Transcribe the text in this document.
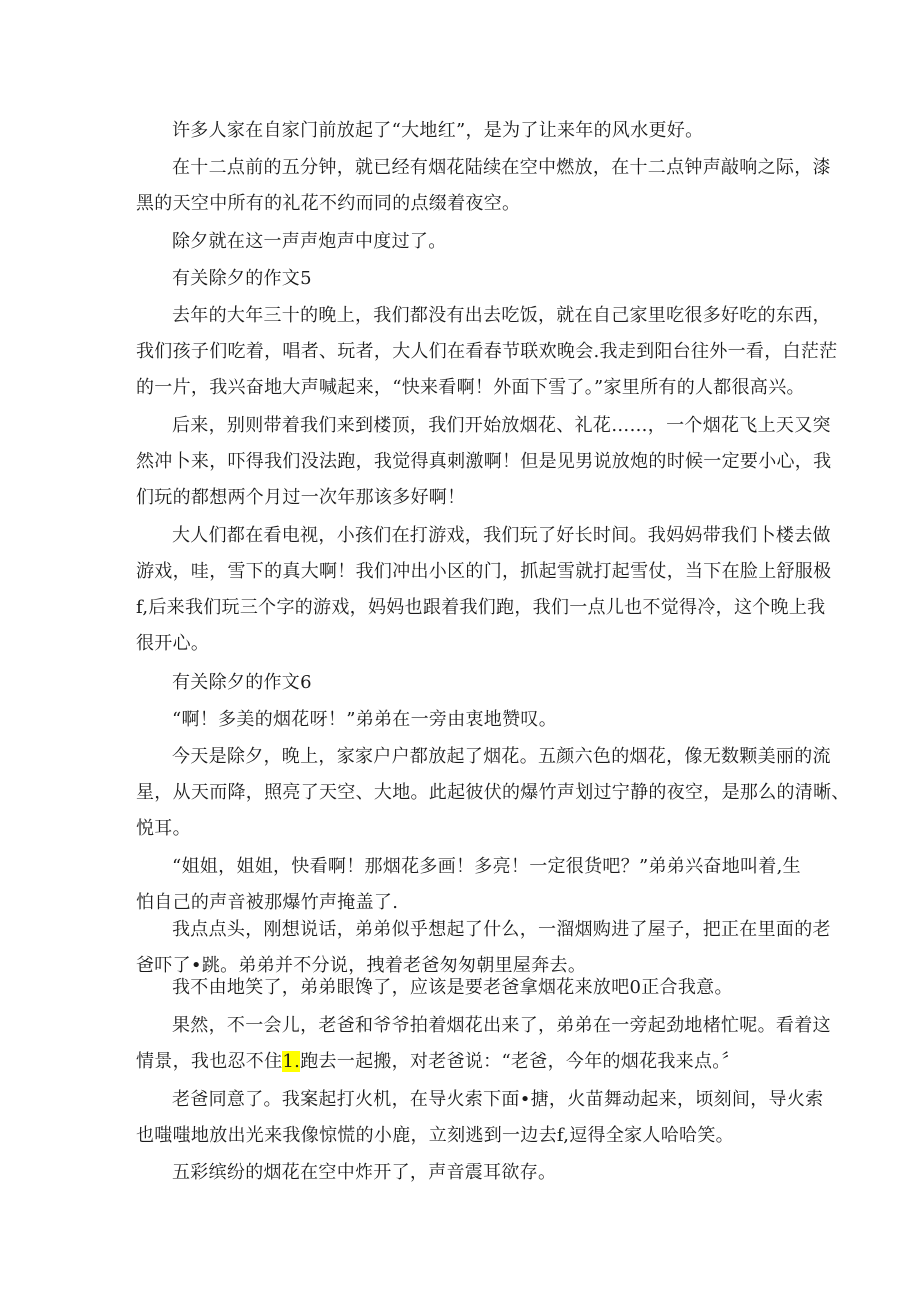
许多人家在自家门前放起了“大地红”，是为了让来年的风水更好。

在十二点前的五分钟，就已经有烟花陆续在空中燃放，在十二点钟声敲响之际，漆
黑的天空中所有的礼花不约而同的点缀着夜空。

除夕就在这一声声炮声中度过了。

有关除夕的作文5

去年的大年三十的晚上，我们都没有出去吃饭，就在自己家里吃很多好吃的东西，
我们孩子们吃着，唱者、玩者，大人们在看春节联欢晚会.我走到阳台往外一看，白茫茫
的一片，我兴奋地大声喊起来，“快来看啊！外面下雪了。”家里所有的人都很高兴。

后来，别则带着我们来到楼顶，我们开始放烟花、礼花……，一个烟花飞上天又突
然冲卜来，吓得我们没法跑，我觉得真刺激啊！但是见男说放炮的时候一定要小心，我
们玩的都想两个月过一次年那该多好啊！

大人们都在看电视，小孩们在打游戏，我们玩了好长时间。我妈妈带我们卜楼去做
游戏，哇，雪下的真大啊！我们冲出小区的门，抓起雪就打起雪仗，当下在脸上舒服极
f,后来我们玩三个字的游戏，妈妈也跟着我们跑，我们一点儿也不觉得冷，这个晚上我
很开心。

有关除夕的作文6

“啊！多美的烟花呀！”弟弟在一旁由衷地赞叹。

今天是除夕，晚上，家家户户都放起了烟花。五颜六色的烟花，像无数颗美丽的流
星，从天而降，照亮了天空、大地。此起彼伏的爆竹声划过宁静的夜空，是那么的清晰、
悦耳。

“姐姐，姐姐，快看啊！那烟花多画！多亮！一定很货吧？”弟弟兴奋地叫着,生
怕自己的声音被那爆竹声掩盖了.

我点点头，刚想说话，弟弟似乎想起了什么，一溜烟购进了屋子，把正在里面的老
爸吓了•跳。弟弟并不分说，拽着老爸匆匆朝里屋奔去。

我不由地笑了，弟弟眼馋了，应该是要老爸拿烟花来放吧0正合我意。

果然，不一会儿，老爸和爷爷拍着烟花出来了，弟弟在一旁起劲地楮忙呢。看着这
情景，我也忍不住1.跑去一起搬，对老爸说：“老爸，今年的烟花我来点。〞

老爸同意了。我案起打火机，在导火索下面•搪，火苗舞动起来，顷刻间，导火索
也嗤嗤地放出光来我像惊慌的小鹿，立刻逃到一边去f,逗得全家人哈哈笑。

五彩缤纷的烟花在空中炸开了，声音震耳欲存。
